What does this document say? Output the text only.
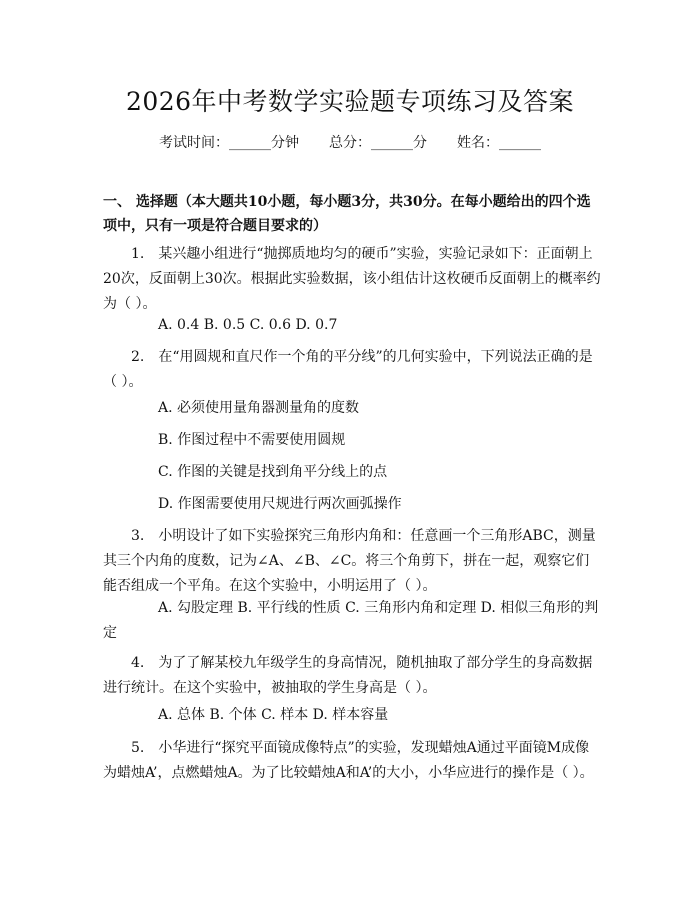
2026年中考数学实验题专项练习及答案
考试时间：______分钟 总分：______分 姓名：______
一、 选择题（本大题共10小题，每小题3分，共30分。在每小题给出的四个选项中，只有一项是符合题目要求的）
1.　某兴趣小组进行“抛掷质地均匀的硬币”实验，实验记录如下：正面朝上20次，反面朝上30次。根据此实验数据，该小组估计这枚硬币反面朝上的概率约为（ ）。
A. 0.4 B. 0.5 C. 0.6 D. 0.7
2.　在“用圆规和直尺作一个角的平分线”的几何实验中，下列说法正确的是（ ）。
A. 必须使用量角器测量角的度数
B. 作图过程中不需要使用圆规
C. 作图的关键是找到角平分线上的点
D. 作图需要使用尺规进行两次画弧操作
3.　小明设计了如下实验探究三角形内角和：任意画一个三角形ABC，测量其三个内角的度数，记为∠A、∠B、∠C。将三个角剪下，拼在一起，观察它们能否组成一个平角。在这个实验中，小明运用了（ ）。
A. 勾股定理 B. 平行线的性质 C. 三角形内角和定理 D. 相似三角形的判定
4.　为了了解某校九年级学生的身高情况，随机抽取了部分学生的身高数据进行统计。在这个实验中，被抽取的学生身高是（ ）。
A. 总体 B. 个体 C. 样本 D. 样本容量
5.　小华进行“探究平面镜成像特点”的实验，发现蜡烛A通过平面镜M成像为蜡烛A’，点燃蜡烛A。为了比较蜡烛A和A’的大小，小华应进行的操作是（ ）。
